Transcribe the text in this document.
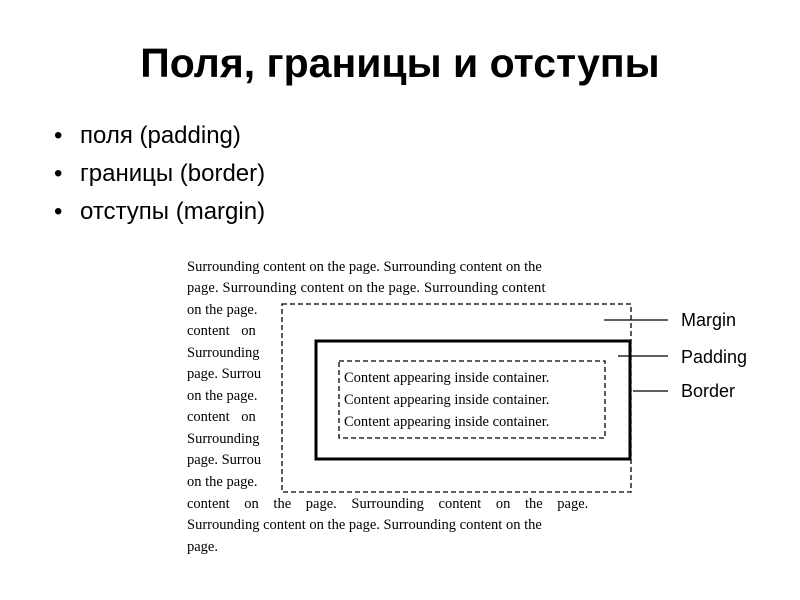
Поля, границы и отступы
• поля (padding)
• границы (border)
• отступы (margin)
Surrounding content on the page. Surrounding content on the
page. Surrounding content on the page. Surrounding content
on the page.
content on
Surrounding
page. Surrou
on the page.
content on
Surrounding
page. Surrou
on the page.
content on the page. Surrounding content on the page.
Surrounding content on the page. Surrounding content on the
page.
Content appearing inside container.
Content appearing inside container.
Content appearing inside container.
Margin
Padding
Border
